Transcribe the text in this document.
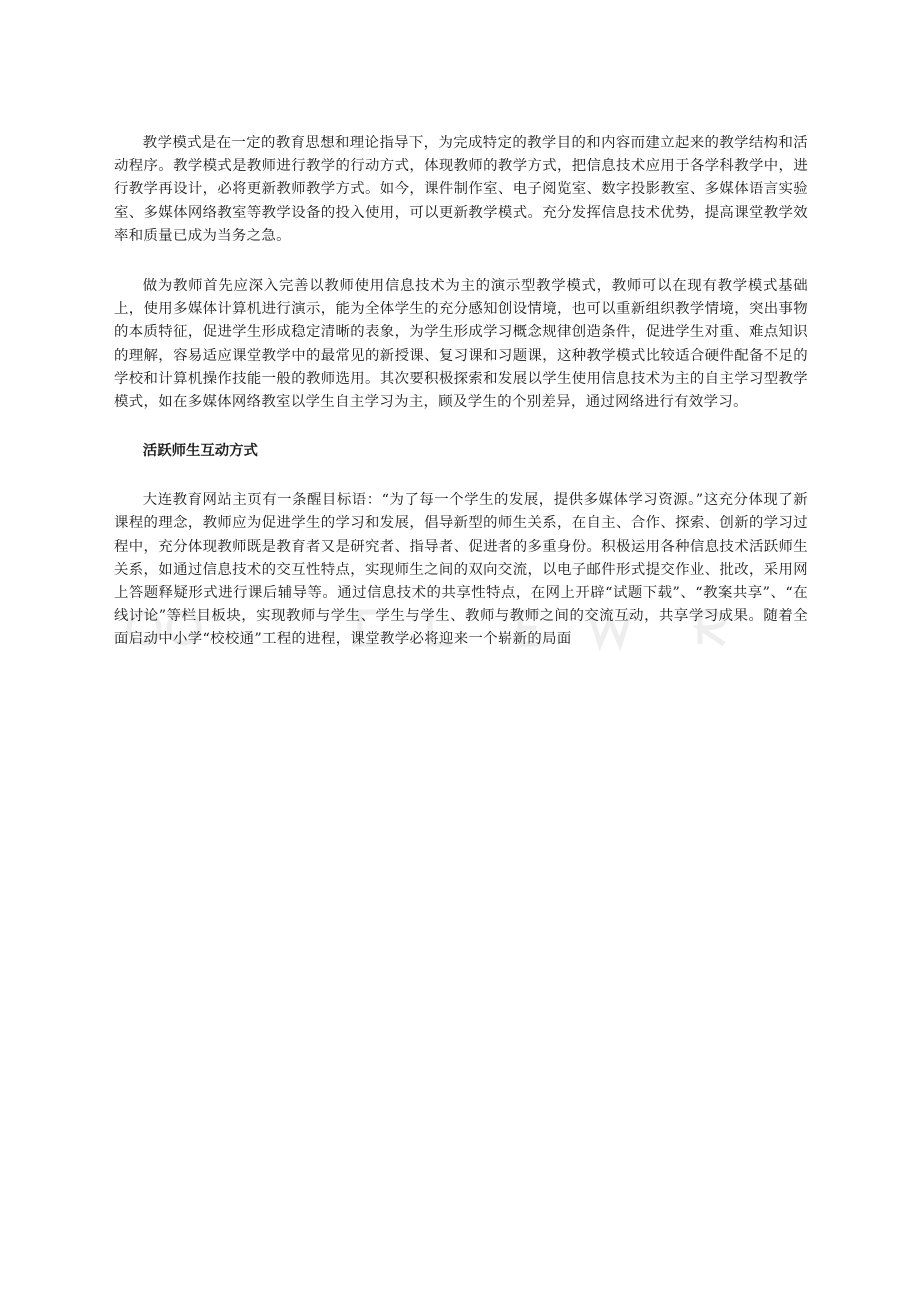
教学模式是在一定的教育思想和理论指导下，为完成特定的教学目的和内容而建立起来的教学结构和活动程序。教学模式是教师进行教学的行动方式，体现教师的教学方式，把信息技术应用于各学科教学中，进行教学再设计，必将更新教师教学方式。如今，课件制作室、电子阅览室、数字投影教室、多媒体语言实验室、多媒体网络教室等教学设备的投入使用，可以更新教学模式。充分发挥信息技术优势，提高课堂教学效率和质量已成为当务之急。

做为教师首先应深入完善以教师使用信息技术为主的演示型教学模式，教师可以在现有教学模式基础上，使用多媒体计算机进行演示，能为全体学生的充分感知创设情境，也可以重新组织教学情境，突出事物的本质特征，促进学生形成稳定清晰的表象，为学生形成学习概念规律创造条件，促进学生对重、难点知识的理解，容易适应课堂教学中的最常见的新授课、复习课和习题课，这种教学模式比较适合硬件配备不足的学校和计算机操作技能一般的教师选用。其次要积极探索和发展以学生使用信息技术为主的自主学习型教学模式，如在多媒体网络教室以学生自主学习为主，顾及学生的个别差异，通过网络进行有效学习。

活跃师生互动方式

大连教育网站主页有一条醒目标语：“为了每一个学生的发展，提供多媒体学习资源。”这充分体现了新课程的理念，教师应为促进学生的学习和发展，倡导新型的师生关系，在自主、合作、探索、创新的学习过程中，充分体现教师既是教育者又是研究者、指导者、促进者的多重身份。积极运用各种信息技术活跃师生关系，如通过信息技术的交互性特点，实现师生之间的双向交流，以电子邮件形式提交作业、批改，采用网上答题释疑形式进行课后辅导等。通过信息技术的共享性特点，在网上开辟“试题下载”、“教案共享”、“在线讨论”等栏目板块，实现教师与学生、学生与学生、教师与教师之间的交流互动，共享学习成果。随着全面启动中小学“校校通”工程的进程，课堂教学必将迎来一个崭新的局面
